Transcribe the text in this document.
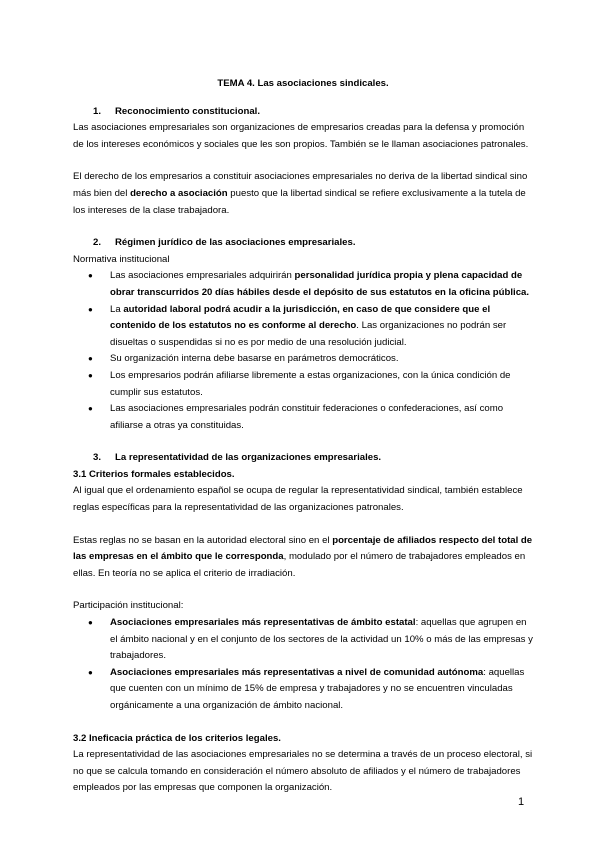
TEMA 4. Las asociaciones sindicales.

1.	Reconocimiento constitucional.

Las asociaciones empresariales son organizaciones de empresarios creadas para la defensa y promoción de los intereses económicos y sociales que les son propios. También se le llaman asociaciones patronales.

El derecho de los empresarios a constituir asociaciones empresariales no deriva de la libertad sindical sino más bien del derecho a asociación puesto que la libertad sindical se refiere exclusivamente a la tutela de los intereses de la clase trabajadora.

2.	Régimen jurídico de las asociaciones empresariales.

Normativa institucional

● Las asociaciones empresariales adquirirán personalidad jurídica propia y plena capacidad de obrar transcurridos 20 días hábiles desde el depósito de sus estatutos en la oficina pública.
● La autoridad laboral podrá acudir a la jurisdicción, en caso de que considere que el contenido de los estatutos no es conforme al derecho. Las organizaciones no podrán ser disueltas o suspendidas si no es por medio de una resolución judicial.
● Su organización interna debe basarse en parámetros democráticos.
● Los empresarios podrán afiliarse libremente a estas organizaciones, con la única condición de cumplir sus estatutos.
● Las asociaciones empresariales podrán constituir federaciones o confederaciones, así como afiliarse a otras ya constituidas.
3.	La representatividad de las organizaciones empresariales.

3.1 Criterios formales establecidos.

Al igual que el ordenamiento español se ocupa de regular la representatividad sindical, también establece reglas específicas para la representatividad de las organizaciones patronales.

Estas reglas no se basan en la autoridad electoral sino en el porcentaje de afiliados respecto del total de las empresas en el ámbito que le corresponda, modulado por el número de trabajadores empleados en ellas. En teoría no se aplica el criterio de irradiación.

Participación institucional:

● Asociaciones empresariales más representativas de ámbito estatal: aquellas que agrupen en el ámbito nacional y en el conjunto de los sectores de la actividad un 10% o más de las empresas y trabajadores.
● Asociaciones empresariales más representativas a nivel de comunidad autónoma: aquellas que cuenten con un mínimo de 15% de empresa y trabajadores y no se encuentren vinculadas orgánicamente a una organización de ámbito nacional.

3.2 Ineficacia práctica de los criterios legales.

La representatividad de las asociaciones empresariales no se determina a través de un proceso electoral, si no que se calcula tomando en consideración el número absoluto de afiliados y el número de trabajadores empleados por las empresas que componen la organización.

1
